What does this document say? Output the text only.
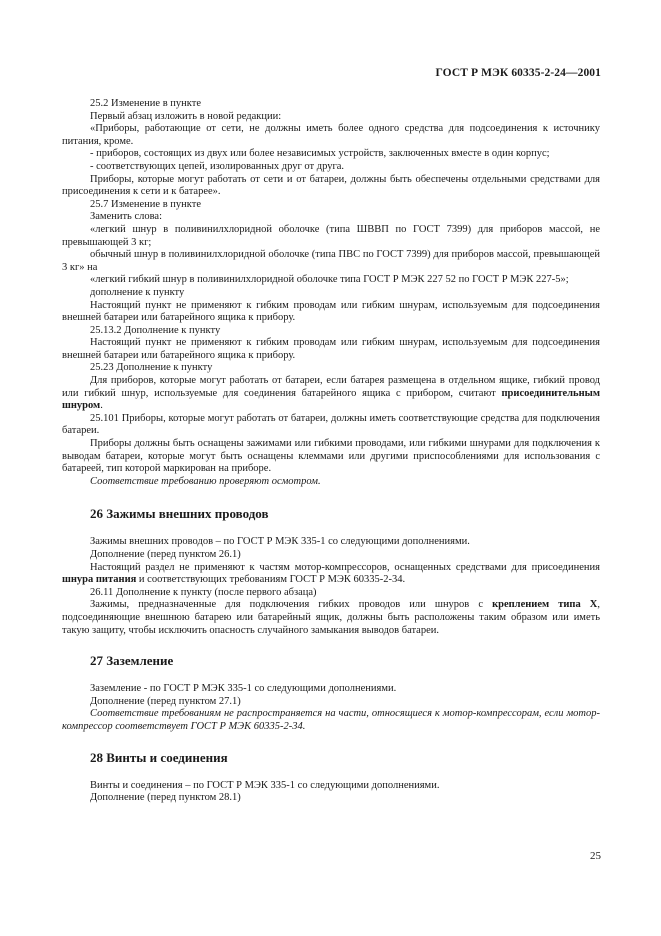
ГОСТ Р МЭК 60335-2-24—2001

25.2 Изменение в пункте

Первый абзац изложить в новой редакции:

«Приборы, работающие от сети, не должны иметь более одного средства для подсоединения к источнику питания, кроме.

- приборов, состоящих из двух или более независимых устройств, заключенных вместе в один корпус;

- соответствующих цепей, изолированных друг от друга.

Приборы, которые могут работать от сети и от батареи, должны быть обеспечены отдельными средствами для присоединения к сети и к батарее».

25.7 Изменение в пункте

Заменить слова:

«легкий шнур в поливинилхлоридной оболочке (типа ШВВП по ГОСТ 7399) для приборов массой, не превышающей 3 кг;

обычный шнур в поливинилхлоридной оболочке (типа ПВС по ГОСТ 7399) для приборов массой, превышающей 3 кг» на

«легкий гибкий шнур в поливинилхлоридной оболочке типа ГОСТ Р МЭК 227 52 по ГОСТ Р МЭК 227-5»;

дополнение к пункту

Настоящий пункт не применяют к гибким проводам или гибким шнурам, используемым для подсоединения внешней батареи или батарейного ящика к прибору.

25.13.2 Дополнение к пункту

Настоящий пункт не применяют к гибким проводам или гибким шнурам, используемым для подсоединения внешней батареи или батарейного ящика к прибору.

25.23 Дополнение к пункту

Для приборов, которые могут работать от батареи, если батарея размещена в отдельном ящике, гибкий провод или гибкий шнур, используемые для соединения батарейного ящика с прибором, считают присоединительным шнуром.

25.101 Приборы, которые могут работать от батареи, должны иметь соответствующие средства для подключения батареи.

Приборы должны быть оснащены зажимами или гибкими проводами, или гибкими шнурами для подключения к выводам батареи, которые могут быть оснащены клеммами или другими приспособлениями для использования с батареей, тип которой маркирован на приборе.

Соответствие требованию проверяют осмотром.

26 Зажимы внешних проводов

Зажимы внешних проводов – по ГОСТ Р МЭК 335-1 со следующими дополнениями.

Дополнение (перед пунктом 26.1)

Настоящий раздел не применяют к частям мотор-компрессоров, оснащенных средствами для присоединения шнура питания и соответствующих требованиям ГОСТ Р МЭК 60335-2-34.

26.11 Дополнение к пункту (после первого абзаца)

Зажимы, предназначенные для подключения гибких проводов или шнуров с креплением типа X, подсоединяющие внешнюю батарею или батарейный ящик, должны быть расположены таким образом или иметь такую защиту, чтобы исключить опасность случайного замыкания выводов батареи.

27 Заземление

Заземление - по ГОСТ Р МЭК 335-1 со следующими дополнениями.

Дополнение (перед пунктом 27.1)

Соответствие требованиям не распространяется на части, относящиеся к мотор-компрессорам, если мотор-компрессор соответствует ГОСТ Р МЭК 60335-2-34.

28 Винты и соединения

Винты и соединения – по ГОСТ Р МЭК 335-1 со следующими дополнениями.

Дополнение (перед пунктом 28.1)

25
